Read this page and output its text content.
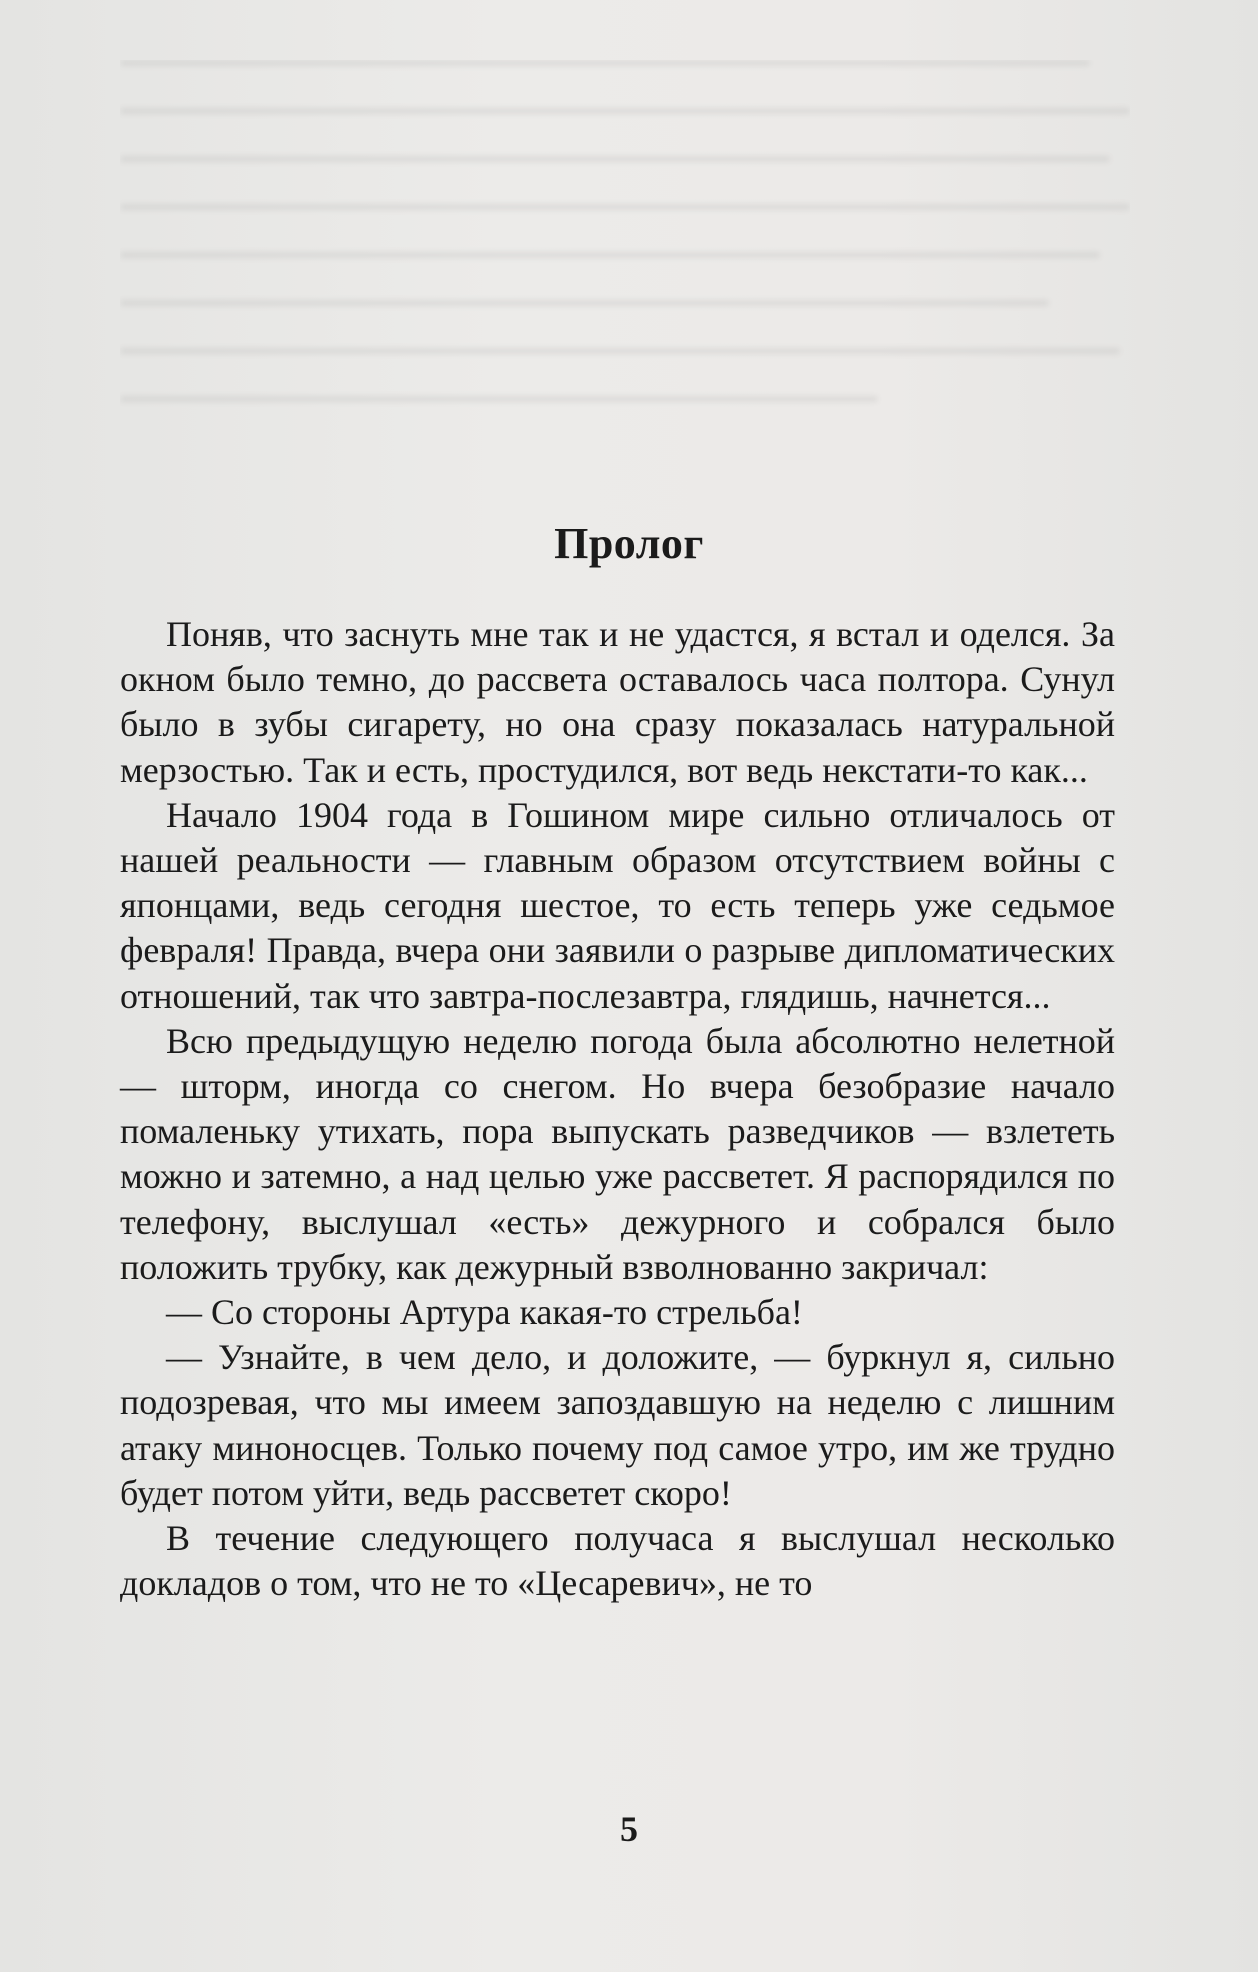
Пролог

Поняв, что заснуть мне так и не удастся, я встал и оделся. За окном было темно, до рассвета оставалось часа полтора. Сунул было в зубы сигарету, но она сразу показалась натуральной мерзостью. Так и есть, простудился, вот ведь некстати-то как...

Начало 1904 года в Гошином мире сильно отличалось от нашей реальности — главным образом отсутствием войны с японцами, ведь сегодня шестое, то есть теперь уже седьмое февраля! Правда, вчера они заявили о разрыве дипломатических отношений, так что завтра-послезавтра, глядишь, начнется...

Всю предыдущую неделю погода была абсолютно нелетной — шторм, иногда со снегом. Но вчера безобразие начало помаленьку утихать, пора выпускать разведчиков — взлететь можно и затемно, а над целью уже рассветет. Я распорядился по телефону, выслушал «есть» дежурного и собрался было положить трубку, как дежурный взволнованно закричал:

— Со стороны Артура какая-то стрельба!

— Узнайте, в чем дело, и доложите, — буркнул я, сильно подозревая, что мы имеем запоздавшую на неделю с лишним атаку миноносцев. Только почему под самое утро, им же трудно будет потом уйти, ведь рассветет скоро!

В течение следующего получаса я выслушал несколько докладов о том, что не то «Цесаревич», не то

5
